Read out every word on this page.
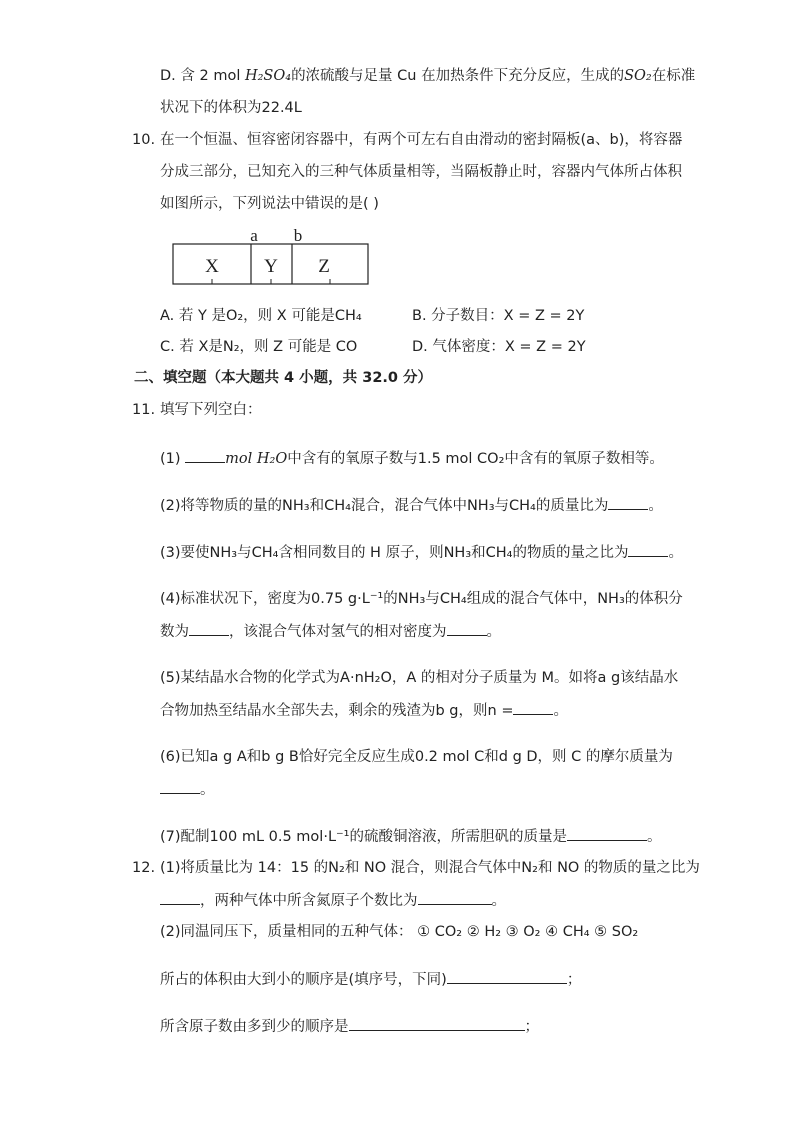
D. 含 2 mol H₂SO₄的浓硫酸与足量 Cu 在加热条件下充分反应，生成的SO₂在标准
状况下的体积为22.4L
10. 在一个恒温、恒容密闭容器中，有两个可左右自由滑动的密封隔板(a、b)，将容器
分成三部分，已知充入的三种气体质量相等，当隔板静止时，容器内气体所占体积
如图所示，下列说法中错误的是( )
a b
X Y Z
A. 若 Y 是O₂，则 X 可能是CH₄	B. 分子数目：X = Z = 2Y
C. 若 X是N₂，则 Z 可能是 CO	D. 气体密度：X = Z = 2Y
二、填空题（本大题共 4 小题，共 32.0 分）
11. 填写下列空白：
(1)	mol H₂O中含有的氧原子数与1.5 mol CO₂中含有的氧原子数相等。
(2)将等物质的量的NH₃和CH₄混合，混合气体中NH₃与CH₄的质量比为	。
(3)要使NH₃与CH₄含相同数目的 H 原子，则NH₃和CH₄的物质的量之比为	。
(4)标准状况下，密度为0.75 g·L⁻¹的NH₃与CH₄组成的混合气体中，NH₃的体积分
数为	，该混合气体对氢气的相对密度为	。
(5)某结晶水合物的化学式为A·nH₂O，A 的相对分子质量为 M。如将a g该结晶水
合物加热至结晶水全部失去，剩余的残渣为b g，则n =	。
(6)已知a g A和b g B恰好完全反应生成0.2 mol C和d g D，则 C 的摩尔质量为
。
(7)配制100 mL 0.5 mol·L⁻¹的硫酸铜溶液，所需胆矾的质量是	。
12. (1)将质量比为 14：15 的N₂和 NO 混合，则混合气体中N₂和 NO 的物质的量之比为
，两种气体中所含氮原子个数比为	。
(2)同温同压下，质量相同的五种气体： ① CO₂ ② H₂ ③ O₂ ④ CH₄ ⑤ SO₂
所占的体积由大到小的顺序是(填序号，下同)	；
所含原子数由多到少的顺序是	；
